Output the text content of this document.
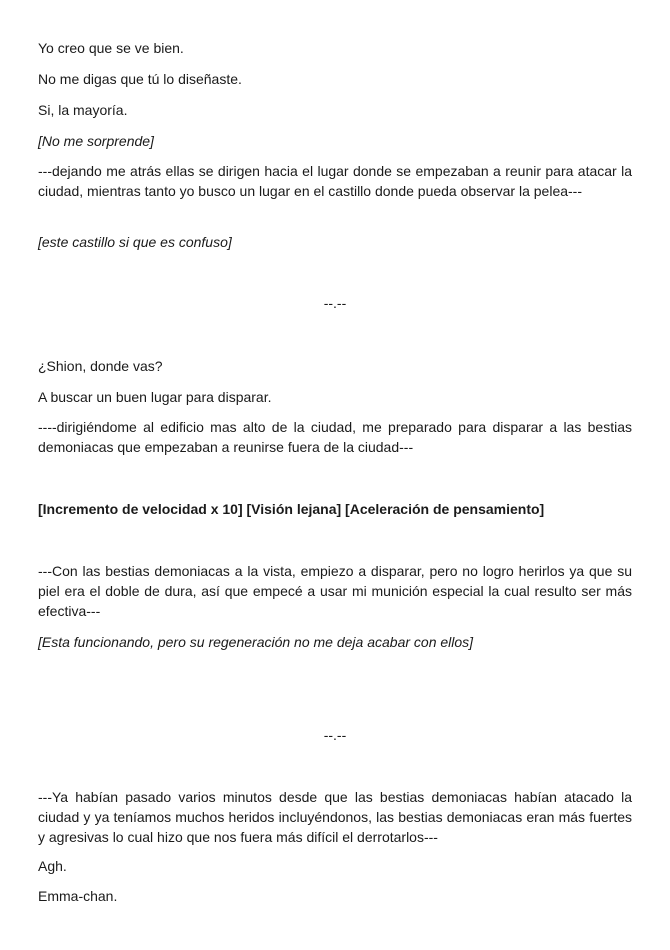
Yo creo que se ve bien.

No me digas que tú lo diseñaste.

Si, la mayoría.

[No me sorprende]

---dejando me atrás ellas se dirigen hacia el lugar donde se empezaban a reunir para atacar la ciudad, mientras tanto yo busco un lugar en el castillo donde pueda observar la pelea---

[este castillo si que es confuso]

--.--

¿Shion, donde vas?

A buscar un buen lugar para disparar.

----dirigiéndome al edificio mas alto de la ciudad, me preparado para disparar a las bestias demoniacas que empezaban a reunirse fuera de la ciudad---

[Incremento de velocidad x 10] [Visión lejana] [Aceleración de pensamiento]

---Con las bestias demoniacas a la vista, empiezo a disparar, pero no logro herirlos ya que su piel era el doble de dura, así que empecé a usar mi munición especial la cual resulto ser más efectiva---

[Esta funcionando, pero su regeneración no me deja acabar con ellos]

--.--

---Ya habían pasado varios minutos desde que las bestias demoniacas habían atacado la ciudad y ya teníamos muchos heridos incluyéndonos, las bestias demoniacas eran más fuertes y agresivas lo cual hizo que nos fuera más difícil el derrotarlos---

Agh.

Emma-chan.
